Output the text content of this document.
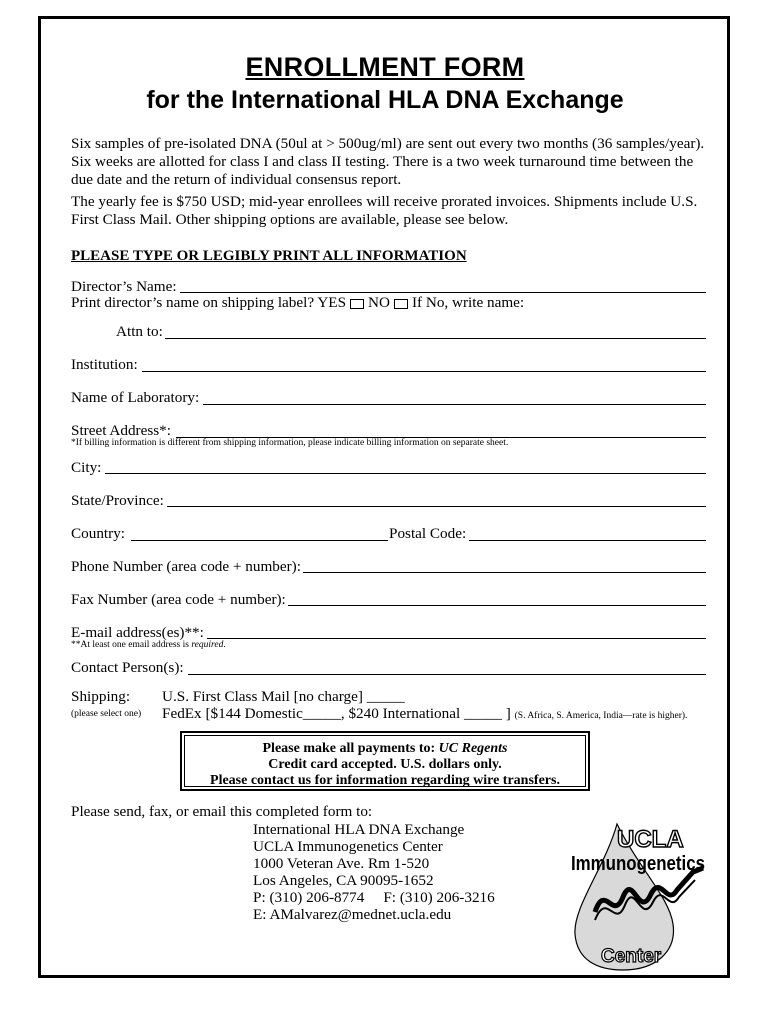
ENROLLMENT FORM
for the International HLA DNA Exchange
Six samples of pre-isolated DNA (50ul at > 500ug/ml) are sent out every two months (36 samples/year). Six weeks are allotted for class I and class II testing. There is a two week turnaround time between the due date and the return of individual consensus report.
The yearly fee is $750 USD; mid-year enrollees will receive prorated invoices. Shipments include U.S. First Class Mail. Other shipping options are available, please see below.
PLEASE TYPE OR LEGIBLY PRINT ALL INFORMATION
Director’s Name:
Print director’s name on shipping label? YES NO If No, write name:
Attn to:
Institution:
Name of Laboratory:
Street Address*:
*If billing information is different from shipping information, please indicate billing information on separate sheet.
City:
State/Province:
Country:	Postal Code:
Phone Number (area code + number):
Fax Number (area code + number):
E-mail address(es)**:
**At least one email address is required.
Contact Person(s):
Shipping:
(please select one)
U.S. First Class Mail [no charge] _____
FedEx [$144 Domestic_____, $240 International _____ ] (S. Africa, S. America, India—rate is higher).
Please make all payments to: UC Regents
Credit card accepted. U.S. dollars only.
Please contact us for information regarding wire transfers.
Please send, fax, or email this completed form to:
International HLA DNA Exchange
UCLA Immunogenetics Center
1000 Veteran Ave. Rm 1-520
Los Angeles, CA 90095-1652
P: (310) 206-8774     F: (310) 206-3216
E: AMalvarez@mednet.ucla.edu
UCLA
Immunogenetics
Center
